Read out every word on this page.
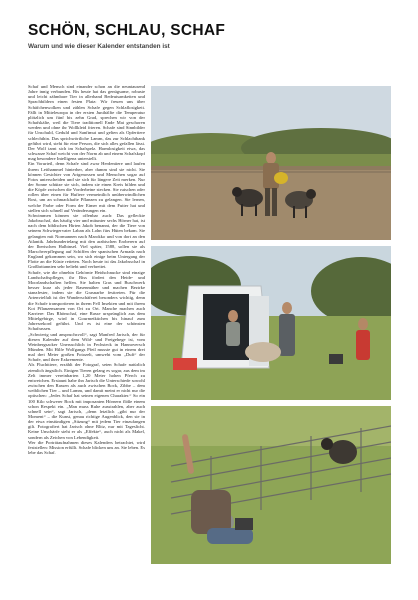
SCHÖN, SCHLAU, SCHAF
Warum und wie dieser Kalender entstanden ist

Schaf und Mensch sind einander schon an die neuntausend Jahre innig verbunden. Bis heute hat das genügsame, robuste und leicht zähmbare Tier in allerhand Bedeutsamkeiten und Sprachbildern einen festen Platz: Wir freuen uns über Schäfchenwolken und zählen Schafe gegen Schlaflosigkeit. Fällt in Mitteleuropa in der ersten Junihälfte die Temperatur plötzlich um fünf bis zehn Grad, sprechen wir von der Schafskälte, weil die Tiere traditionell Ende Mai geschoren werden und ohne ihr Wollkleid frieren. Schafe sind Sinnbilder für Unschuld, Geduld und Sanftmut und gelten als Opfertiere schlechthin. Das sprichwörtliche Lamm, das zur Schlachtbank geführt wird, steht für eine Person, die sich alles gefallen lässt. Der Wolf tarnt sich im Schafspelz. Harmlosigkeit etwa, das schwarze Schaf weicht von der Norm ab und einem Schafskopf mag besondere Intelligenz unterstellt.

Ein Vorurteil, denn Schafe sind zwar Herdentiere und laufen ihrem Leithammel hinterher, aber dumm sind sie nicht. Sie können Gesichter von Artgenossen und Menschen sogar auf Fotos unterscheiden und sie sich für längere Zeit merken. Nur der Sonne schütze sie sich, indem sie einen Kreis bilden und die Köpfe zwischen die Vorderbeine stecken. Sie rutschen oder rollen über einen für Hufiere vermeintlich unüberwindlichen Rost, um an schmackhafte Pflanzen zu gelangen. Sie lernen, welche Farbe oder Form der Eimer mit dem Futter hat und stellen sich schnell auf Veränderungen ein.

Schwimmen können sie offenbar auch: Das gefleckte Jakobsschaf, das häufig vier und mitunter sechs Hörner hat, ist nach dem biblischen Hirten Jakob benannt, der die Tiere von seinem Schwiegervater Laban als Lohn fürs Hüten bekam. Sie gelangten mit Normannen nach Marokko und von dort an den Atlantik. Jahrhundertelang mit den arabischen Eroberern auf der Iberischen Halbinsel. Viel später, 1588, sollen sie als Marschverpflegung auf Schiffen der spanischen Armada nach England gekommen sein, wo sich einige beim Untergang der Flotte an die Küste retteten. Noch heute ist das Jakobsschaf in Großbritannien sehr beliebt und verbreitet.

Schafe, wie die ohnehin Gehörnte Heidschnucke sind einzige Landschaftspfleger, ihr Biss fördert den Heide- und Moorlandschaften helfen. Sie halten Gras und Buschwerk besser kurz als jeder Rasenmäher und machen Bezirke stanzfester, indem sie die Grasnarbe festtreten. Für die Artenvielfalt ist der Wanderschäferei besonders wichtig, denn die Schafe transportieren in ihrem Fell Insekten und mit ihrem Kot Pflanzensamen von Ort zu Ort. Manche machen auch Karriere: Das Rhönschaf, eine Rasse ursprünglich aus dem Mittelgebirge, wird in Gourmetküchen bis hinauf zum Jahresrekord geführt. Und es ist eine der schönsten Schafrassen.

„Schwierig und anspruchsvoll“, sagt Manfred Jarisch, der für diesen Kalender auf dem Wild- und Freigehege ist, vom Weinbergsacker Uneruschlich in Fechsteck in Hannoversch Münden. Mit Hilfe Wolfgangs Pfeil musste gut in einem drei mal drei Meter großen Fotozelt, umweht vom „Duft“ der Schafe, und ihrer Exkremente.

Als Fluchttiere, erzählt der Fotograf, seien Schafe natürlich ziemlich ängstlich. Einigen Tieren gelang es sogar, aus dem im Zelt immer vereinbarten 1,20 Meter hohen Pferch zu entweichen. Erstaunt habe ihn Jarisch die Unterschiede sowohl zwischen den Rassen als auch zwischen Bock, Zibbe – dem weiblichen Tier – und Lamm, und damit meint er nicht nur die optischen: „Jedes Schaf hat seinen eigenen Charakter.“ So ein 100 Kilo schwerer Bock mit imposanten Hörnern flöße einem schon Respekt ein. „Man muss Ruhe ausstrahlen, aber auch schnell sein“, sagt Jarisch, „denn letztlich „gibt nur der Moment“ – die Kunst, genau richtige Augenblick, den sie in der etwa einstündigen „Sitzung“ mit jedem Tier einzufangen gilt. Fotografiert hat Jarisch ohne Blitz, nur mit Tageslicht. Keine Unschärfe sieht er als „Effekte“, auch nicht als Makel, sondern als Zeichen von Lebendigkeit.

Wer die Porträtaufnahmen dieses Kalenders betrachtet, wird feststellen: Mission erfüllt. Schafe blicken uns an. Sie leben. Es lebe das Schaf.
